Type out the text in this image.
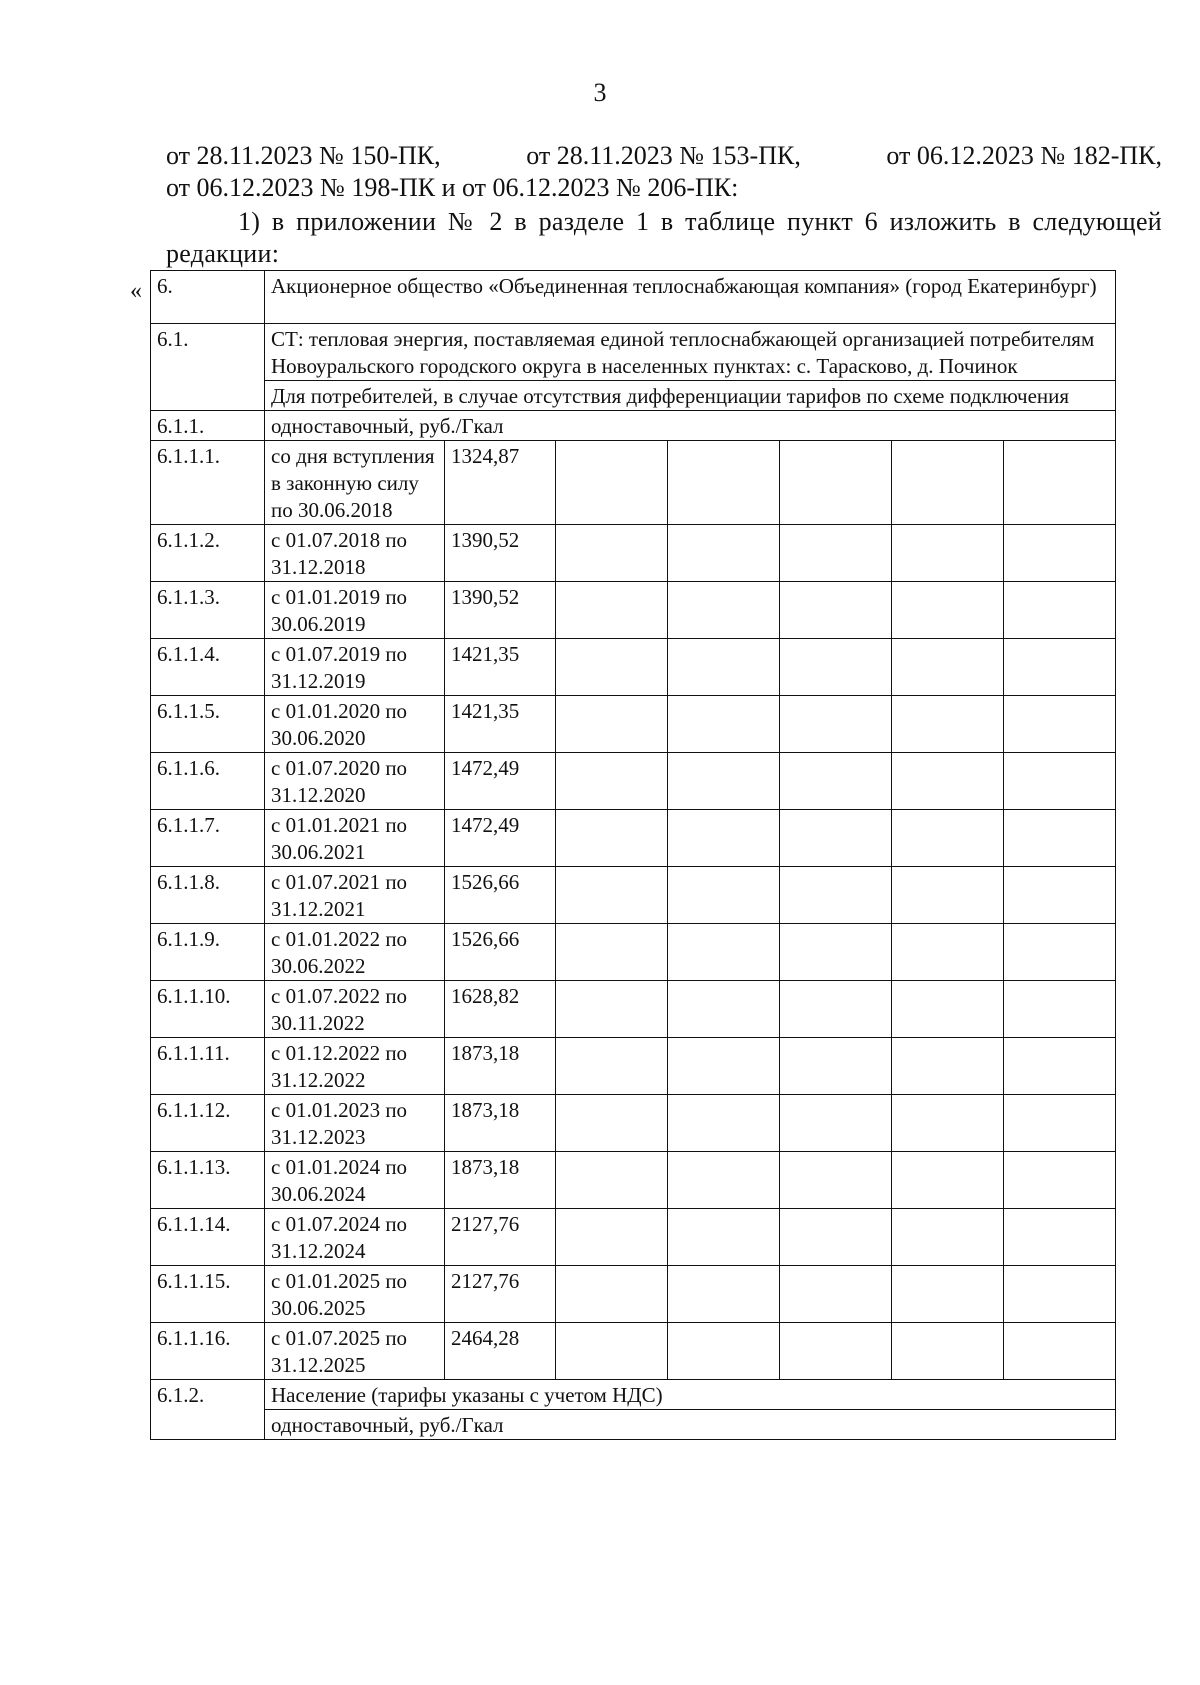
3
от 28.11.2023 № 150-ПК,	от 28.11.2023 № 153-ПК,	от 06.12.2023 № 182-ПК,
от 06.12.2023 № 198-ПК и от 06.12.2023 № 206-ПК:
1) в приложении № 2 в разделе 1 в таблице пункт 6 изложить в следующей редакции:
« 6.	Акционерное общество «Объединенная теплоснабжающая компания» (город Екатеринбург)						
6.1.	СТ: тепловая энергия, поставляемая единой теплоснабжающей организацией потребителям Новоуральского городского округа в населенных пунктах: с. Тарасково, д. Починок						
	Для потребителей, в случае отсутствия дифференциации тарифов по схеме подключения						
6.1.1.	одноставочный, руб./Гкал						
6.1.1.1.	со дня вступления в законную силу по 30.06.2018	1324,87					
6.1.1.2.	с 01.07.2018 по 31.12.2018	1390,52					
6.1.1.3.	с 01.01.2019 по 30.06.2019	1390,52					
6.1.1.4.	с 01.07.2019 по 31.12.2019	1421,35					
6.1.1.5.	с 01.01.2020 по 30.06.2020	1421,35					
6.1.1.6.	с 01.07.2020 по 31.12.2020	1472,49					
6.1.1.7.	с 01.01.2021 по 30.06.2021	1472,49					
6.1.1.8.	с 01.07.2021 по 31.12.2021	1526,66					
6.1.1.9.	с 01.01.2022 по 30.06.2022	1526,66					
6.1.1.10.	с 01.07.2022 по 30.11.2022	1628,82					
6.1.1.11.	с 01.12.2022 по 31.12.2022	1873,18					
6.1.1.12.	с 01.01.2023 по 31.12.2023	1873,18					
6.1.1.13.	с 01.01.2024 по 30.06.2024	1873,18					
6.1.1.14.	с 01.07.2024 по 31.12.2024	2127,76					
6.1.1.15.	с 01.01.2025 по 30.06.2025	2127,76					
6.1.1.16.	с 01.07.2025 по 31.12.2025	2464,28					
6.1.2.	Население (тарифы указаны с учетом НДС)						
	одноставочный, руб./Гкал						
